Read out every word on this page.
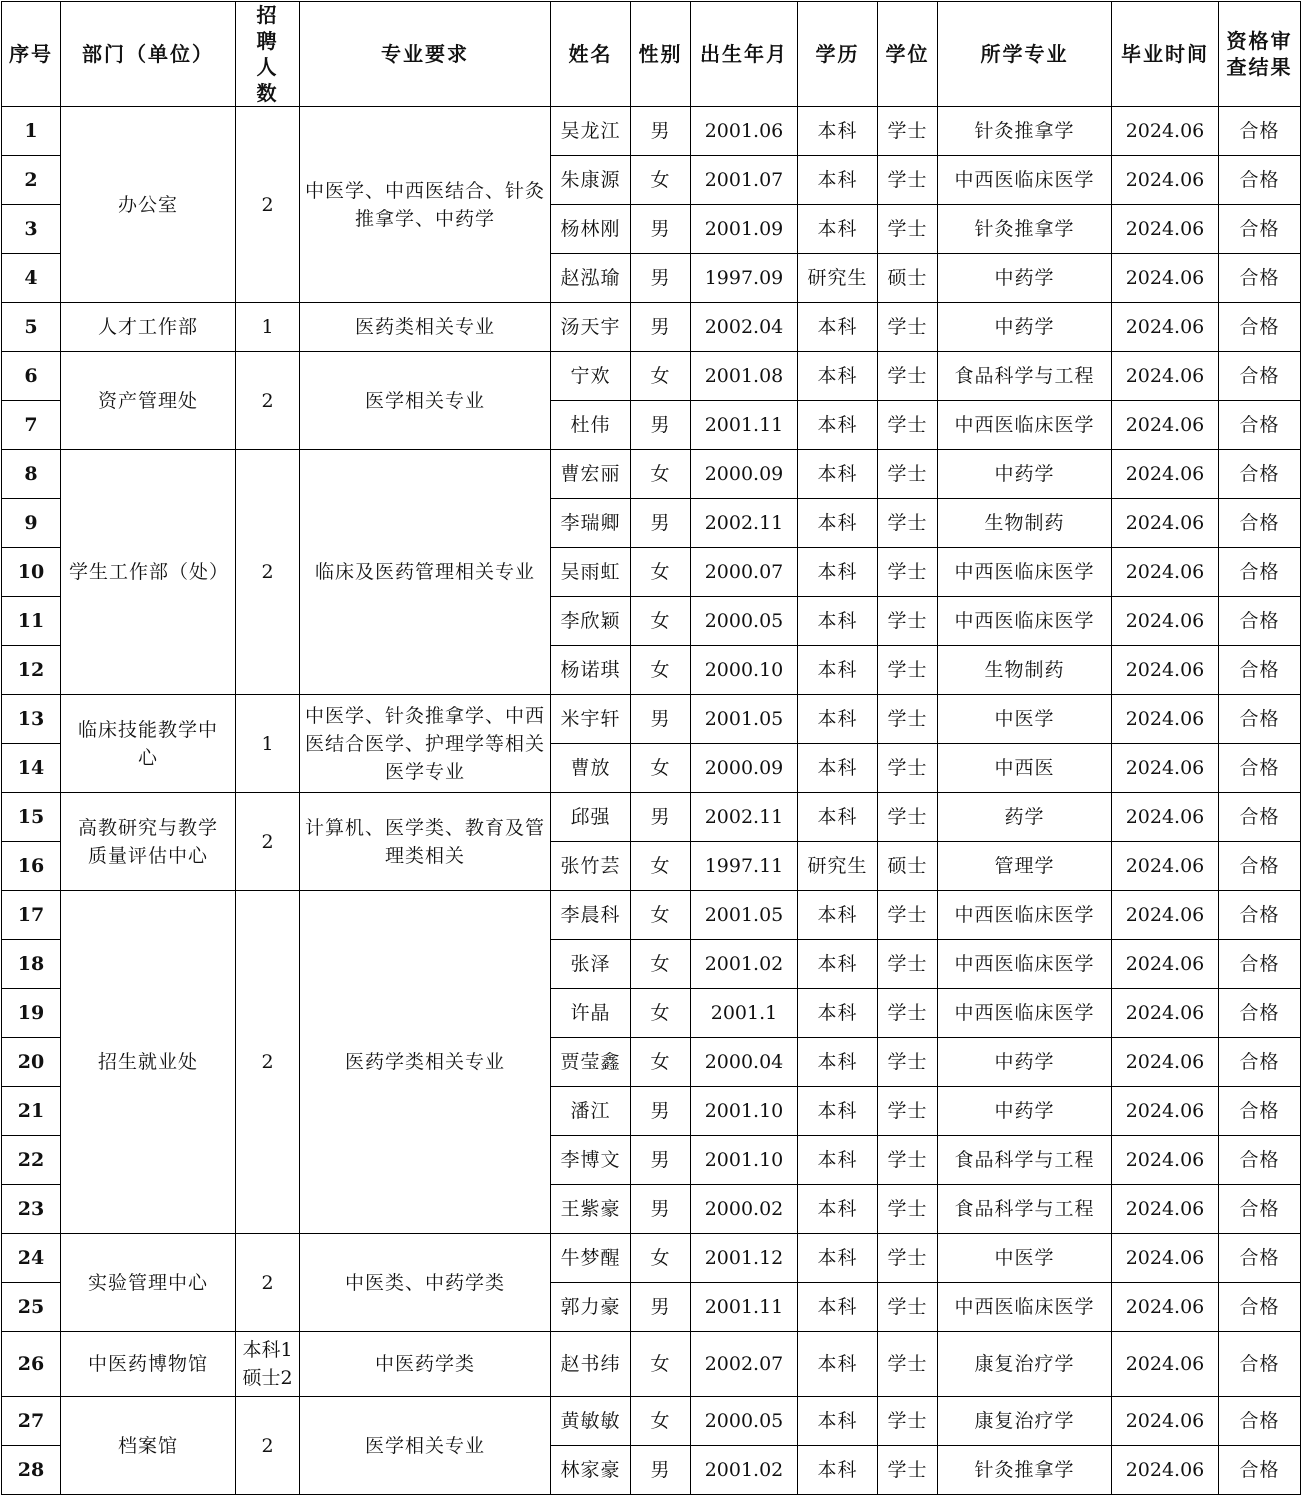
序号	部门（单位）	招聘人数	专业要求	姓名	性别	出生年月	学历	学位	所学专业	毕业时间	资格审查结果
1	办公室	2	中医学、中西医结合、针灸推拿学、中药学	吴龙江	男	2001.06	本科	学士	针灸推拿学	2024.06	合格
2				朱康源	女	2001.07	本科	学士	中西医临床医学	2024.06	合格
3				杨林刚	男	2001.09	本科	学士	针灸推拿学	2024.06	合格
4				赵泓瑜	男	1997.09	研究生	硕士	中药学	2024.06	合格
5	人才工作部	1	医药类相关专业	汤天宇	男	2002.04	本科	学士	中药学	2024.06	合格
6	资产管理处	2	医学相关专业	宁欢	女	2001.08	本科	学士	食品科学与工程	2024.06	合格
7				杜伟	男	2001.11	本科	学士	中西医临床医学	2024.06	合格
8	学生工作部（处）	2	临床及医药管理相关专业	曹宏丽	女	2000.09	本科	学士	中药学	2024.06	合格
9				李瑞卿	男	2002.11	本科	学士	生物制药	2024.06	合格
10				吴雨虹	女	2000.07	本科	学士	中西医临床医学	2024.06	合格
11				李欣颖	女	2000.05	本科	学士	中西医临床医学	2024.06	合格
12				杨诺琪	女	2000.10	本科	学士	生物制药	2024.06	合格
13	临床技能教学中心	1	中医学、针灸推拿学、中西医结合医学、护理学等相关医学专业	米宇轩	男	2001.05	本科	学士	中医学	2024.06	合格
14				曹放	女	2000.09	本科	学士	中西医	2024.06	合格
15	高教研究与教学质量评估中心	2	计算机、医学类、教育及管理类相关	邱强	男	2002.11	本科	学士	药学	2024.06	合格
16				张竹芸	女	1997.11	研究生	硕士	管理学	2024.06	合格
17	招生就业处	2	医药学类相关专业	李晨科	女	2001.05	本科	学士	中西医临床医学	2024.06	合格
18				张泽	女	2001.02	本科	学士	中西医临床医学	2024.06	合格
19				许晶	女	2001.1	本科	学士	中西医临床医学	2024.06	合格
20				贾莹鑫	女	2000.04	本科	学士	中药学	2024.06	合格
21				潘江	男	2001.10	本科	学士	中药学	2024.06	合格
22				李博文	男	2001.10	本科	学士	食品科学与工程	2024.06	合格
23				王紫豪	男	2000.02	本科	学士	食品科学与工程	2024.06	合格
24	实验管理中心	2	中医类、中药学类	牛梦醒	女	2001.12	本科	学士	中医学	2024.06	合格
25				郭力豪	男	2001.11	本科	学士	中西医临床医学	2024.06	合格
26	中医药博物馆	本科1 硕士2	中医药学类	赵书纬	女	2002.07	本科	学士	康复治疗学	2024.06	合格
27	档案馆	2	医学相关专业	黄敏敏	女	2000.05	本科	学士	康复治疗学	2024.06	合格
28				林家豪	男	2001.02	本科	学士	针灸推拿学	2024.06	合格
